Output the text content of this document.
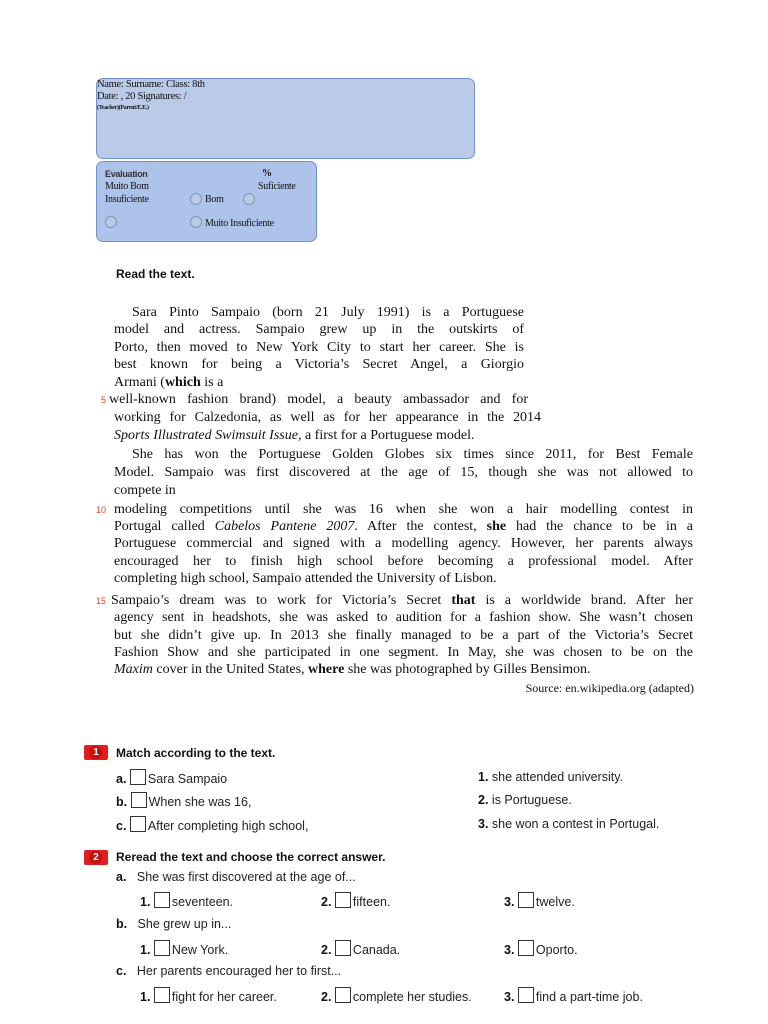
Name: Surname: Class: 8th
Date: , 20 Signatures: /
(Teacher)(Parent/E.E.)
Evaluation	%
Muito Bom	Suficiente
Insuficiente	Bom
Muito Insuficiente
Read the text.
Sara Pinto Sampaio (born 21 July 1991) is a Portuguese
model and actress. Sampaio grew up in the outskirts of
Porto, then moved to New York City to start her career. She is
best known for being a Victoria’s Secret Angel, a Giorgio
Armani (which is a
5 well-known fashion brand) model, a beauty ambassador and for
working for Calzedonia, as well as for her appearance in the 2014
Sports Illustrated Swimsuit Issue, a first for a Portuguese model.
She has won the Portuguese Golden Globes six times since 2011, for Best Female
Model. Sampaio was first discovered at the age of 15, though she was not allowed to
compete in
10 modeling competitions until she was 16 when she won a hair modelling contest in
Portugal called Cabelos Pantene 2007. After the contest, she had the chance to be in a
Portuguese commercial and signed with a modelling agency. However, her parents always
encouraged her to finish high school before becoming a professional model. After
completing high school, Sampaio attended the University of Lisbon.
15 Sampaio’s dream was to work for Victoria’s Secret that is a worldwide brand. After her
agency sent in headshots, she was asked to audition for a fashion show. She wasn’t chosen
but she didn’t give up. In 2013 she finally managed to be a part of the Victoria’s Secret
Fashion Show and she participated in one segment. In May, she was chosen to be on the
Maxim cover in the United States, where she was photographed by Gilles Bensimon.
Source: en.wikipedia.org (adapted)
1	Match according to the text.
a. Sara Sampaio
b. When she was 16,
c. After completing high school,
1. she attended university.
2. is Portuguese.
3. she won a contest in Portugal.
2	Reread the text and choose the correct answer.
a. She was first discovered at the age of...
1. seventeen.	2. fifteen.	3. twelve.
b. She grew up in...
1. New York.	2. Canada.	3. Oporto.
c. Her parents encouraged her to first...
1. fight for her career.	2. complete her studies.	3. find a part-time job.
